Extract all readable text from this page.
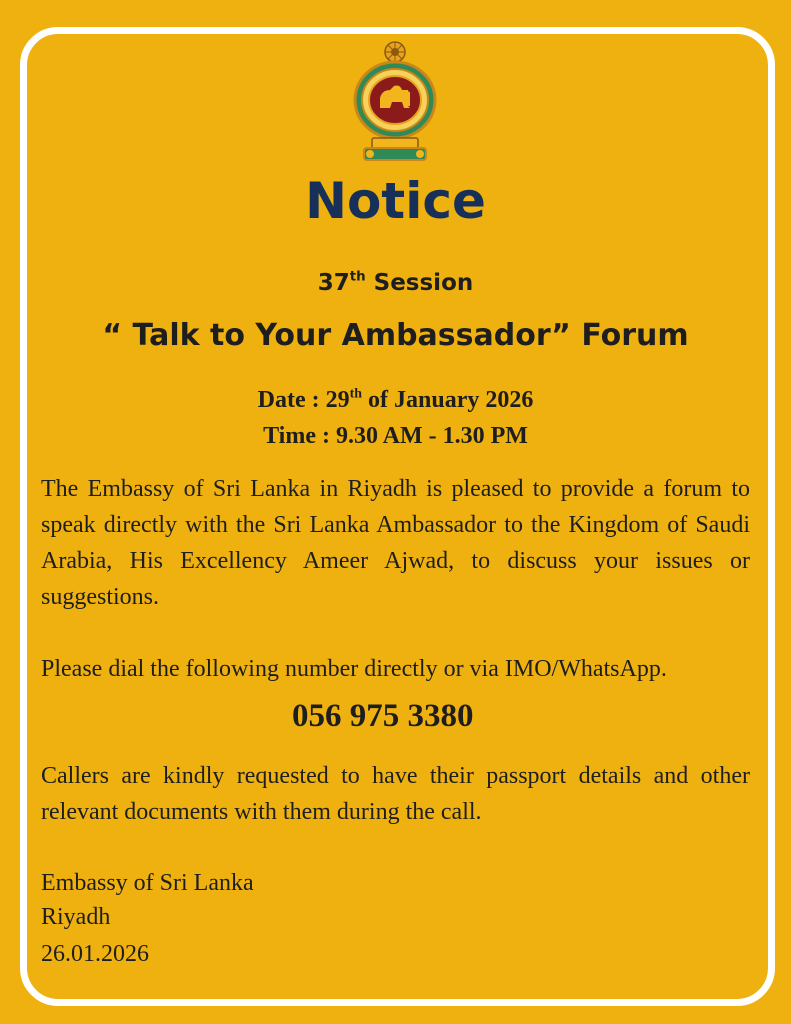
Notice
37th Session
“ Talk to Your Ambassador” Forum
Date : 29th of January 2026
Time : 9.30 AM - 1.30 PM

The Embassy of Sri Lanka in Riyadh is pleased to provide a forum to speak directly with the Sri Lanka Ambassador to the Kingdom of Saudi Arabia, His Excellency Ameer Ajwad, to discuss your issues or suggestions.

Please dial the following number directly or via IMO/WhatsApp.

056 975 3380

Callers are kindly requested to have their passport details and other relevant documents with them during the call.

Embassy of Sri Lanka
Riyadh
26.01.2026
